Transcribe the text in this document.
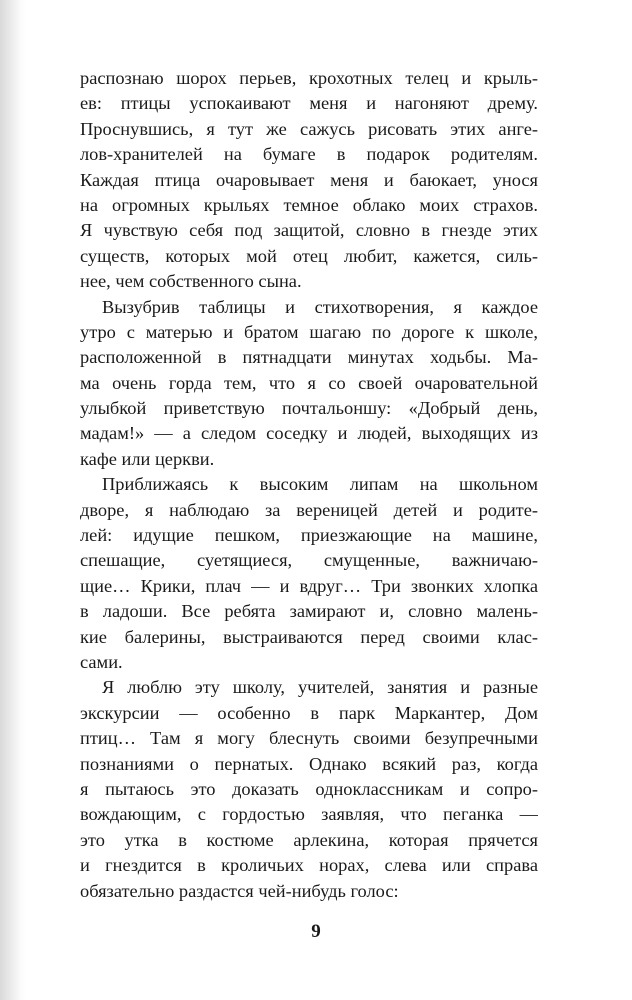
распознаю шорох перьев, крохотных телец и крыль-
ев: птицы успокаивают меня и нагоняют дрему.
Проснувшись, я тут же сажусь рисовать этих анге-
лов-хранителей на бумаге в подарок родителям.
Каждая птица очаровывает меня и баюкает, унося
на огромных крыльях темное облако моих страхов.
Я чувствую себя под защитой, словно в гнезде этих
существ, которых мой отец любит, кажется, силь-
нее, чем собственного сына.
Вызубрив таблицы и стихотворения, я каждое
утро с матерью и братом шагаю по дороге к школе,
расположенной в пятнадцати минутах ходьбы. Ма-
ма очень горда тем, что я со своей очаровательной
улыбкой приветствую почтальоншу: «Добрый день,
мадам!» — а следом соседку и людей, выходящих из
кафе или церкви.
Приближаясь к высоким липам на школьном
дворе, я наблюдаю за вереницей детей и родите-
лей: идущие пешком, приезжающие на машине,
спешащие, суетящиеся, смущенные, важничаю-
щие… Крики, плач — и вдруг… Три звонких хлопка
в ладоши. Все ребята замирают и, словно малень-
кие балерины, выстраиваются перед своими клас-
сами.
Я люблю эту школу, учителей, занятия и разные
экскурсии — особенно в парк Маркантер, Дом
птиц… Там я могу блеснуть своими безупречными
познаниями о пернатых. Однако всякий раз, когда
я пытаюсь это доказать одноклассникам и сопро-
вождающим, с гордостью заявляя, что пеганка —
это утка в костюме арлекина, которая прячется
и гнездится в кроличьих норах, слева или справа
обязательно раздастся чей-нибудь голос:
9
